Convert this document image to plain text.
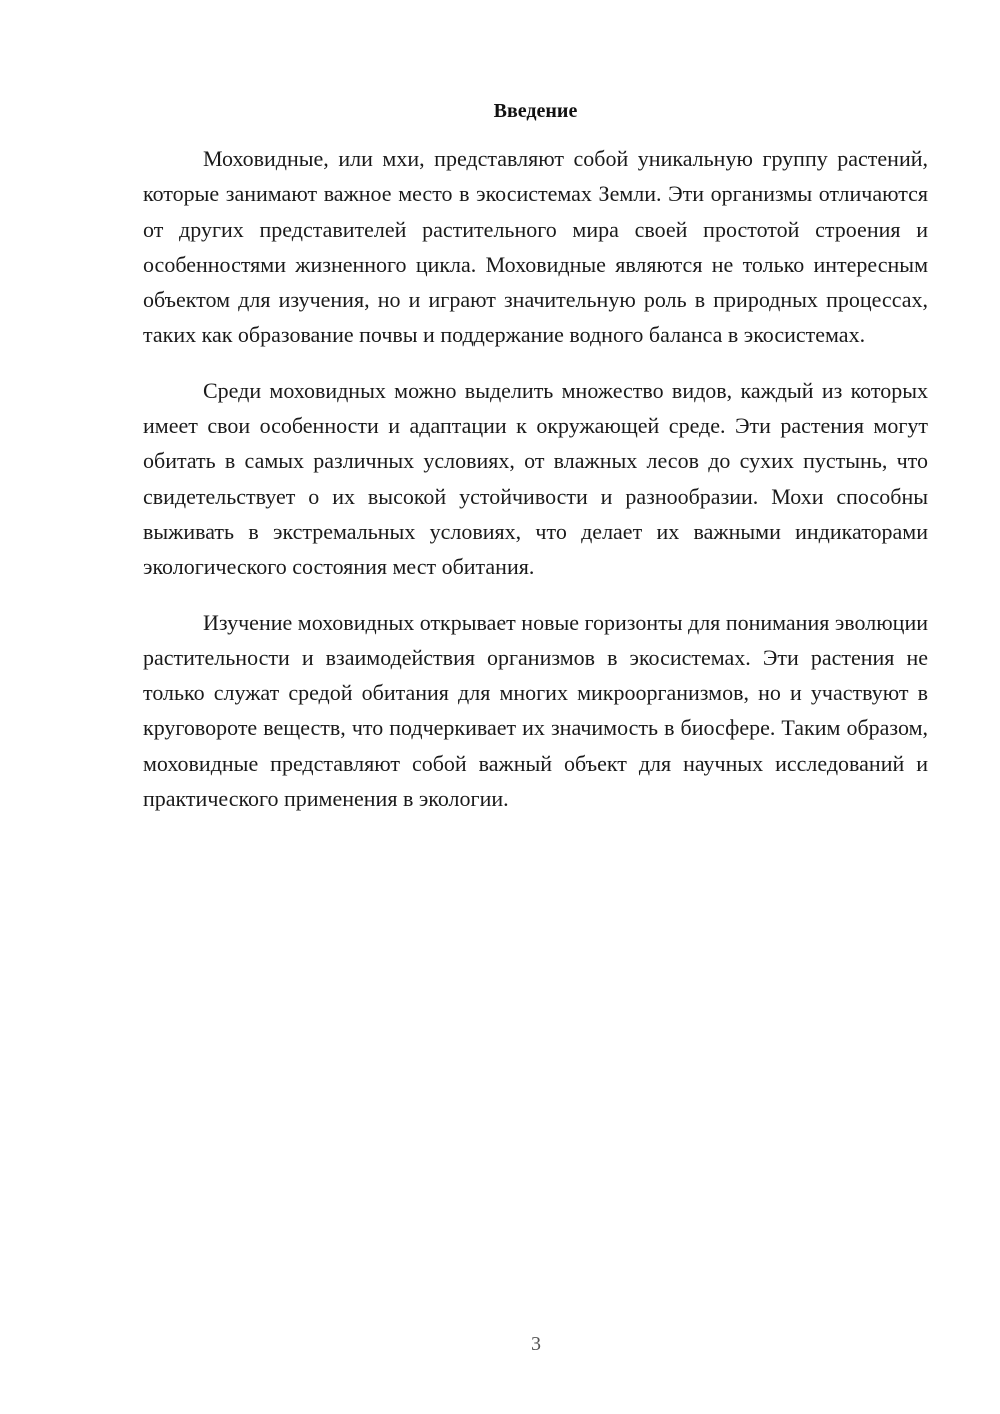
Введение

Моховидные, или мхи, представляют собой уникальную группу растений, которые занимают важное место в экосистемах Земли. Эти организмы отличаются от других представителей растительного мира своей простотой строения и особенностями жизненного цикла. Моховидные являются не только интересным объектом для изучения, но и играют значительную роль в природных процессах, таких как образование почвы и поддержание водного баланса в экосистемах.

Среди моховидных можно выделить множество видов, каждый из которых имеет свои особенности и адаптации к окружающей среде. Эти растения могут обитать в самых различных условиях, от влажных лесов до сухих пустынь, что свидетельствует о их высокой устойчивости и разнообразии. Мохи способны выживать в экстремальных условиях, что делает их важными индикаторами экологического состояния мест обитания.

Изучение моховидных открывает новые горизонты для понимания эволюции растительности и взаимодействия организмов в экосистемах. Эти растения не только служат средой обитания для многих микроорганизмов, но и участвуют в круговороте веществ, что подчеркивает их значимость в биосфере. Таким образом, моховидные представляют собой важный объект для научных исследований и практического применения в экологии.

3
